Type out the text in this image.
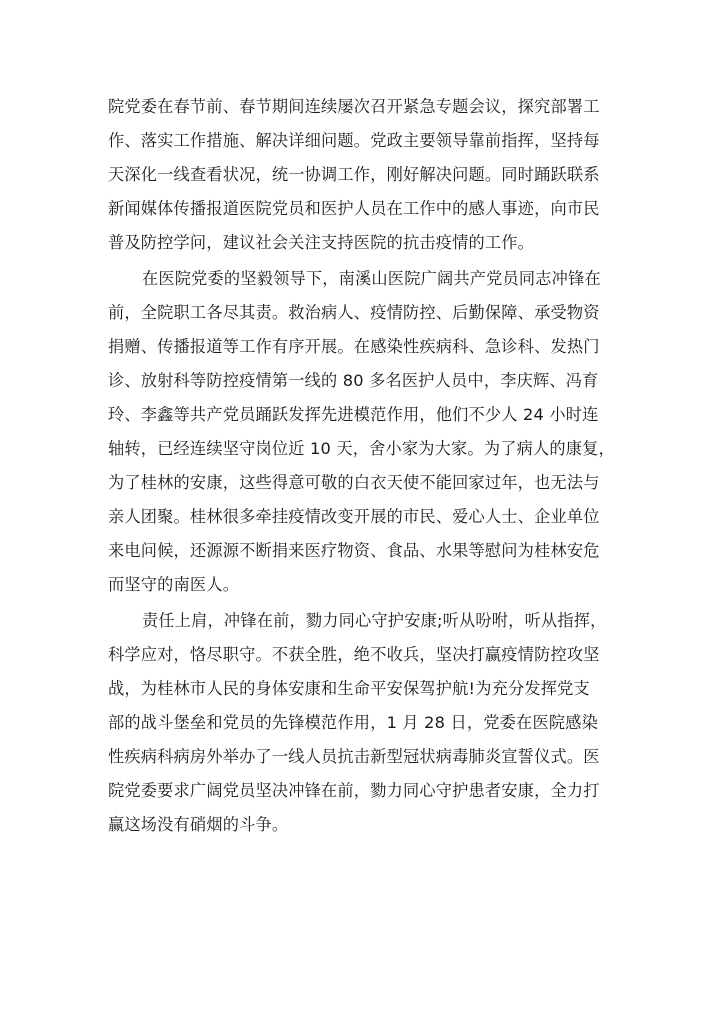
院党委在春节前、春节期间连续屡次召开紧急专题会议，探究部署工
作、落实工作措施、解决详细问题。党政主要领导靠前指挥，坚持每
天深化一线查看状况，统一协调工作，刚好解决问题。同时踊跃联系
新闻媒体传播报道医院党员和医护人员在工作中的感人事迹，向市民
普及防控学问，建议社会关注支持医院的抗击疫情的工作。
在医院党委的坚毅领导下，南溪山医院广阔共产党员同志冲锋在
前，全院职工各尽其责。救治病人、疫情防控、后勤保障、承受物资
捐赠、传播报道等工作有序开展。在感染性疾病科、急诊科、发热门
诊、放射科等防控疫情第一线的 80 多名医护人员中，李庆辉、冯育
玲、李鑫等共产党员踊跃发挥先进模范作用，他们不少人 24 小时连
轴转，已经连续坚守岗位近 10 天，舍小家为大家。为了病人的康复，
为了桂林的安康，这些得意可敬的白衣天使不能回家过年，也无法与
亲人团聚。桂林很多牵挂疫情改变开展的市民、爱心人士、企业单位
来电问候，还源源不断捐来医疗物资、食品、水果等慰问为桂林安危
而坚守的南医人。
责任上肩，冲锋在前，勠力同心守护安康;听从吩咐，听从指挥，
科学应对，恪尽职守。不获全胜，绝不收兵，坚决打赢疫情防控攻坚
战，为桂林市人民的身体安康和生命平安保驾护航!为充分发挥党支
部的战斗堡垒和党员的先锋模范作用，1 月 28 日，党委在医院感染
性疾病科病房外举办了一线人员抗击新型冠状病毒肺炎宣誓仪式。医
院党委要求广阔党员坚决冲锋在前，勠力同心守护患者安康，全力打
赢这场没有硝烟的斗争。
